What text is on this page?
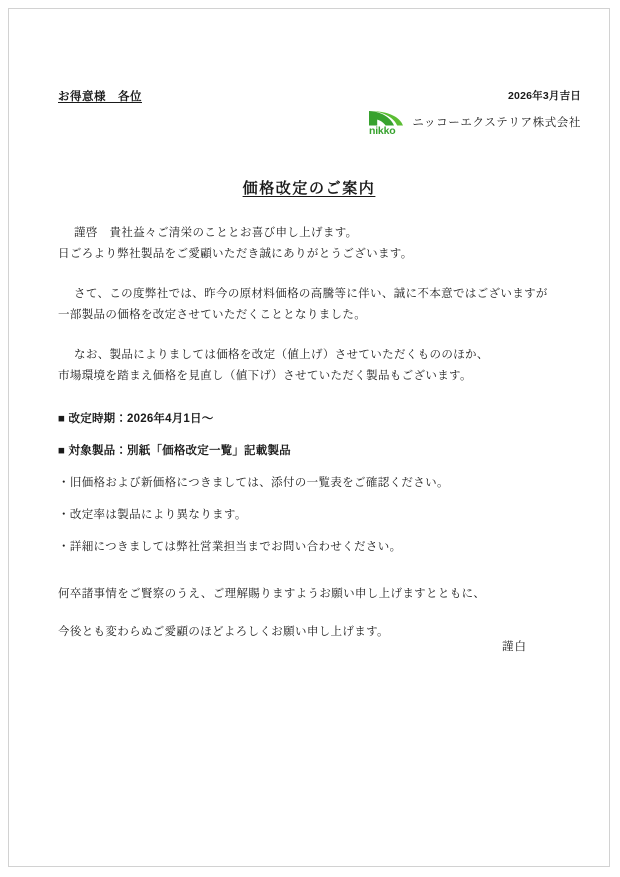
お得意様　各位	2026年3月吉日
nikko
ニッコーエクステリア株式会社
価格改定のご案内

謹啓　貴社益々ご清栄のこととお喜び申し上げます。
日ごろより弊社製品をご愛顧いただき誠にありがとうございます。

さて、この度弊社では、昨今の原材料価格の高騰等に伴い、誠に不本意ではございますが
一部製品の価格を改定させていただくこととなりました。

なお、製品によりましては価格を改定（値上げ）させていただくもののほか、
市場環境を踏まえ価格を見直し（値下げ）させていただく製品もございます。

■ 改定時期：2026年4月1日〜
■ 対象製品：別紙「価格改定一覧」記載製品
・旧価格および新価格につきましては、添付の一覧表をご確認ください。
・改定率は製品により異なります。
・詳細につきましては弊社営業担当までお問い合わせください。
何卒諸事情をご賢察のうえ、ご理解賜りますようお願い申し上げますとともに、
今後とも変わらぬご愛顧のほどよろしくお願い申し上げます。
謹白
